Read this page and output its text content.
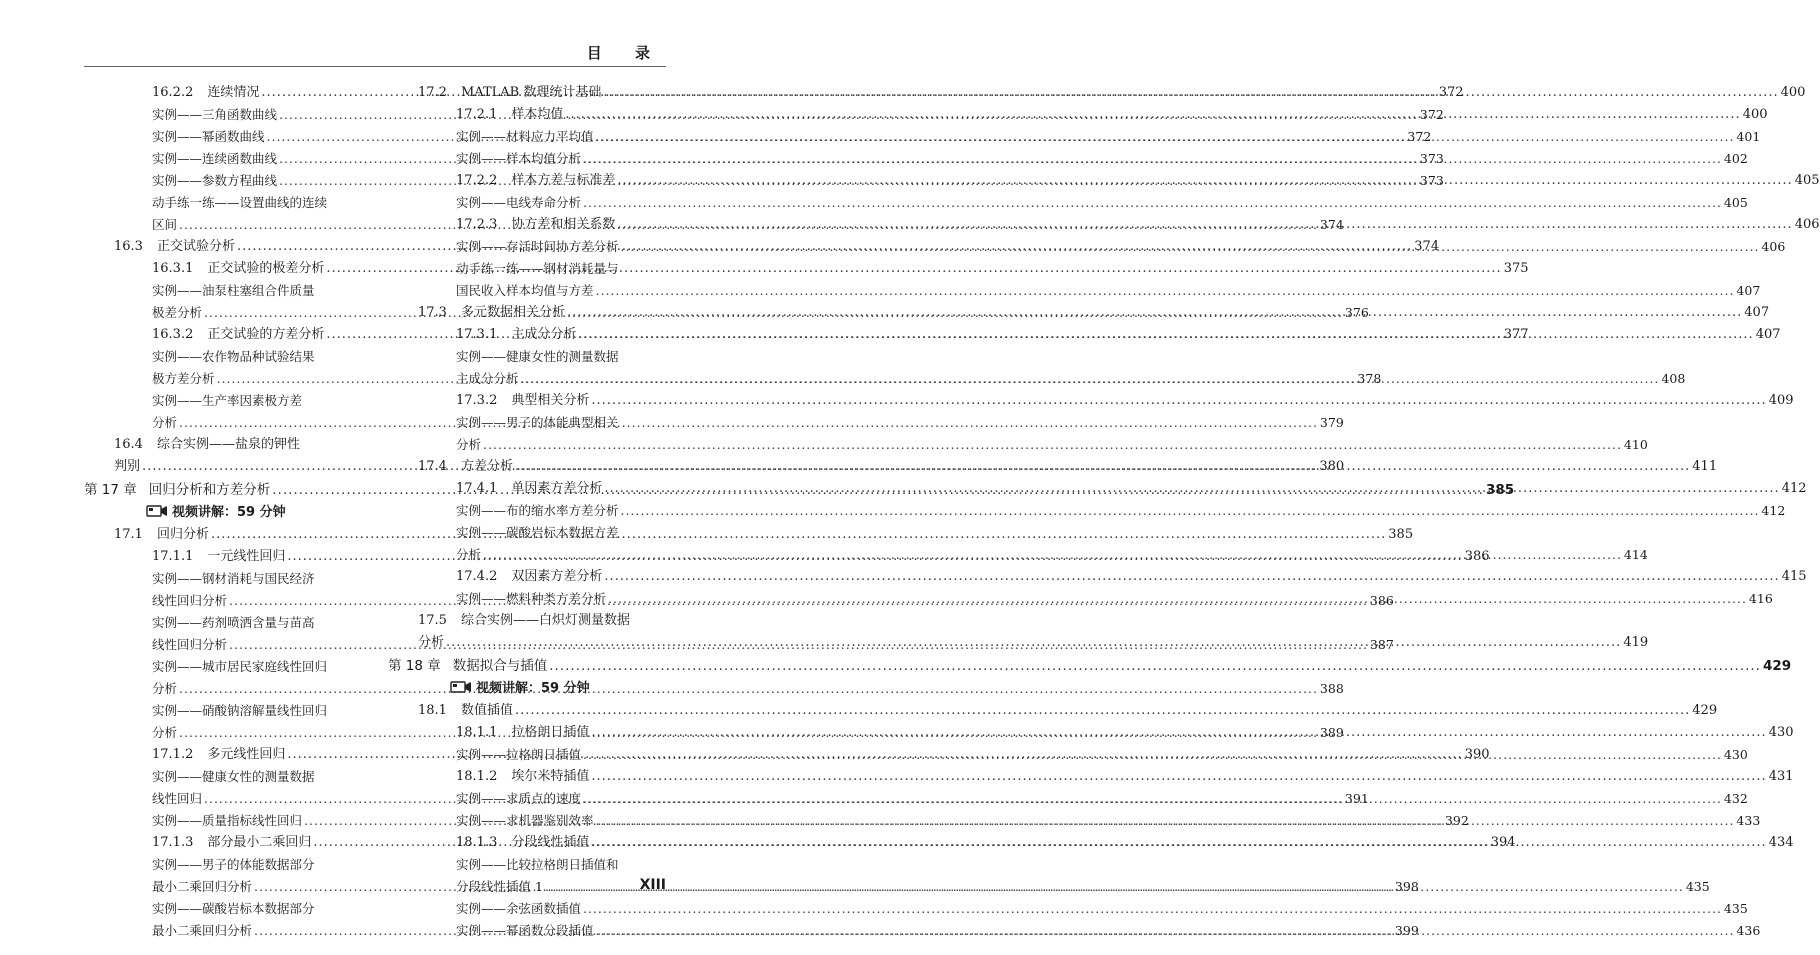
目 录
16.2.2 连续情况 .....	372
实例——三角函数曲线 .....	372
实例——幂函数曲线 .....	372
实例——连续函数曲线 .....	373
实例——参数方程曲线 .....	373
动手练一练——设置曲线的连续
区间 .....	374
16.3 正交试验分析 .....	374
16.3.1 正交试验的极差分析 .....	375
实例——油泵柱塞组合件质量
极差分析 .....	376
16.3.2 正交试验的方差分析 .....	377
实例——农作物品种试验结果
极方差分析 .....	378
实例——生产率因素极方差
分析 .....	379
16.4 综合实例——盐泉的钾性
判别 .....	380
第 17 章 回归分析和方差分析 .....	385
视频讲解：59 分钟
17.1 回归分析 .....	385
17.1.1 一元线性回归 .....	386
实例——钢材消耗与国民经济
线性回归分析 .....	386
实例——药剂喷洒含量与苗高
线性回归分析 .....	387
实例——城市居民家庭线性回归
分析 .....	388
实例——硝酸钠溶解量线性回归
分析 .....	389
17.1.2 多元线性回归 .....	390
实例——健康女性的测量数据
线性回归 .....	391
实例——质量指标线性回归 .....	392
17.1.3 部分最小二乘回归 .....	394
实例——男子的体能数据部分
最小二乘回归分析 .....	398
实例——碳酸岩标本数据部分
最小二乘回归分析 .....	399
17.2 MATLAB 数理统计基础 .....	400
17.2.1 样本均值 .....	400
实例——材料应力平均值 .....	401
实例——样本均值分析 .....	402
17.2.2 样本方差与标准差 .....	405
实例——电线寿命分析 .....	405
17.2.3 协方差和相关系数 .....	406
实例——存活时间协方差分析 .....	406
动手练一练——钢材消耗量与
国民收入样本均值与方差 .....	407
17.3 多元数据相关分析 .....	407
17.3.1 主成分分析 .....	407
实例——健康女性的测量数据
主成分分析 .....	408
17.3.2 典型相关分析 .....	409
实例——男子的体能典型相关
分析 .....	410
17.4 方差分析 .....	411
17.4.1 单因素方差分析 .....	412
实例——布的缩水率方差分析 .....	412
实例——碳酸岩标本数据方差
分析 .....	414
17.4.2 双因素方差分析 .....	415
实例——燃料种类方差分析 .....	416
17.5 综合实例——白炽灯测量数据
分析 .....	419
第 18 章 数据拟合与插值 .....	429
视频讲解：59 分钟
18.1 数值插值 .....	429
18.1.1 拉格朗日插值 .....	430
实例——拉格朗日插值 .....	430
18.1.2 埃尔米特插值 .....	431
实例——求质点的速度 .....	432
实例——求机器鉴别效率 .....	433
18.1.3 分段线性插值 .....	434
实例——比较拉格朗日插值和
分段线性插值 1 .....	435
实例——余弦函数插值 .....	435
实例——幂函数分段插值 .....	436
XIII
